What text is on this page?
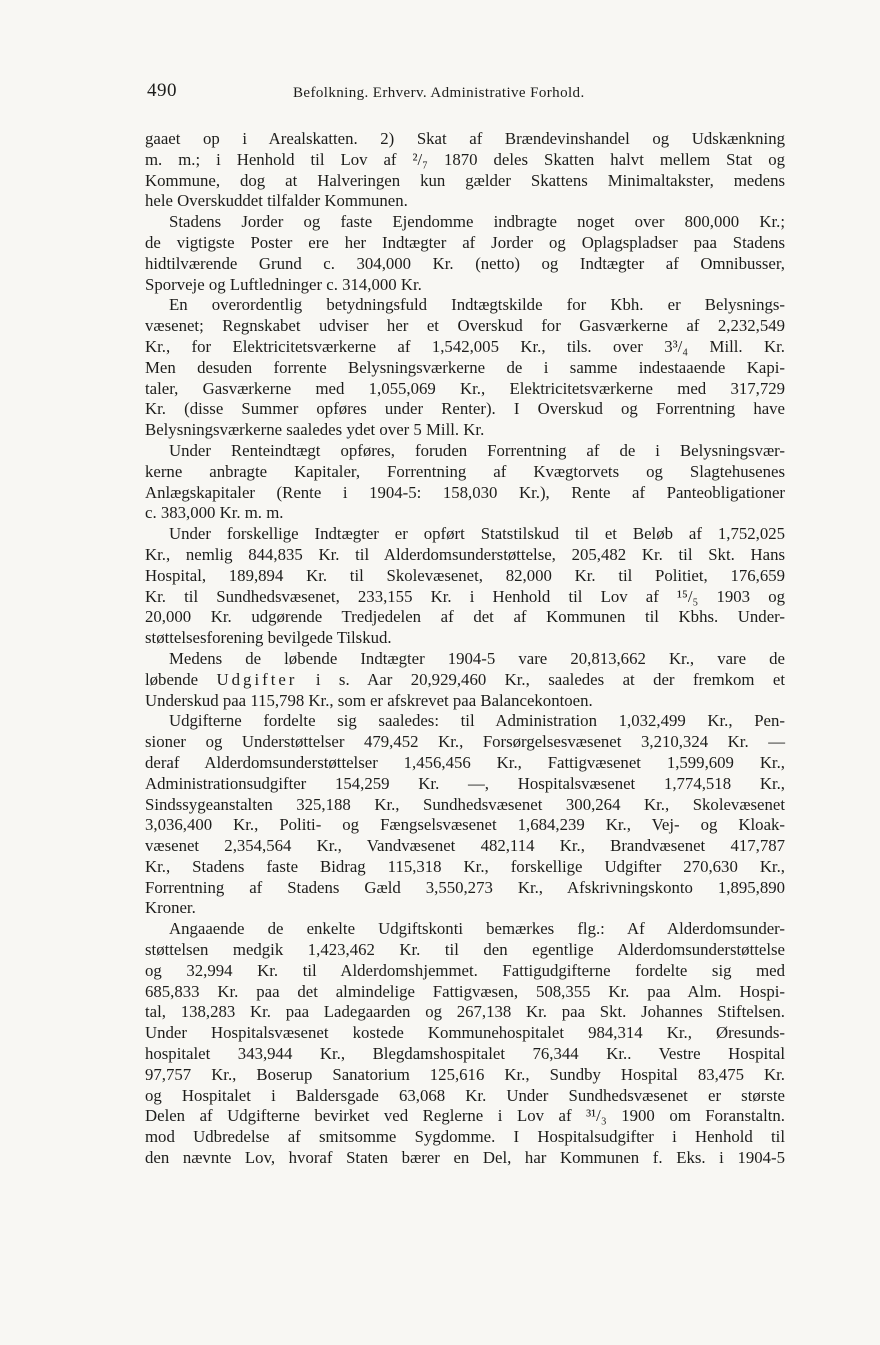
490	Befolkning. Erhverv. Administrative Forhold.
gaaet op i Arealskatten. 2) Skat af Brændevinshandel og Udskænkning
m. m.; i Henhold til Lov af ²/₇ 1870 deles Skatten halvt mellem Stat og
Kommune, dog at Halveringen kun gælder Skattens Minimaltakster, medens
hele Overskuddet tilfalder Kommunen.
Stadens Jorder og faste Ejendomme indbragte noget over 800,000 Kr.;
de vigtigste Poster ere her Indtægter af Jorder og Oplagspladser paa Stadens
hidtilværende Grund c. 304,000 Kr. (netto) og Indtægter af Omnibusser,
Sporveje og Luftledninger c. 314,000 Kr.
En overordentlig betydningsfuld Indtægtskilde for Kbh. er Belysnings-
væsenet; Regnskabet udviser her et Overskud for Gasværkerne af 2,232,549
Kr., for Elektricitetsværkerne af 1,542,005 Kr., tils. over 3³/₄ Mill. Kr.
Men desuden forrente Belysningsværkerne de i samme indestaaende Kapi-
taler, Gasværkerne med 1,055,069 Kr., Elektricitetsværkerne med 317,729
Kr. (disse Summer opføres under Renter). I Overskud og Forrentning have
Belysningsværkerne saaledes ydet over 5 Mill. Kr.
Under Renteindtægt opføres, foruden Forrentning af de i Belysningsvær-
kerne anbragte Kapitaler, Forrentning af Kvægtorvets og Slagtehusenes
Anlægskapitaler (Rente i 1904-5: 158,030 Kr.), Rente af Panteobligationer
c. 383,000 Kr. m. m.
Under forskellige Indtægter er opført Statstilskud til et Beløb af 1,752,025
Kr., nemlig 844,835 Kr. til Alderdomsunderstøttelse, 205,482 Kr. til Skt. Hans
Hospital, 189,894 Kr. til Skolevæsenet, 82,000 Kr. til Politiet, 176,659
Kr. til Sundhedsvæsenet, 233,155 Kr. i Henhold til Lov af ¹⁵/₅ 1903 og
20,000 Kr. udgørende Tredjedelen af det af Kommunen til Kbhs. Under-
støttelsesforening bevilgede Tilskud.
Medens de løbende Indtægter 1904-5 vare 20,813,662 Kr., vare de
løbende Udgifter i s. Aar 20,929,460 Kr., saaledes at der fremkom et
Underskud paa 115,798 Kr., som er afskrevet paa Balancekontoen.
Udgifterne fordelte sig saaledes: til Administration 1,032,499 Kr., Pen-
sioner og Understøttelser 479,452 Kr., Forsørgelsesvæsenet 3,210,324 Kr. —
deraf Alderdomsunderstøttelser 1,456,456 Kr., Fattigvæsenet 1,599,609 Kr.,
Administrationsudgifter 154,259 Kr. —, Hospitalsvæsenet 1,774,518 Kr.,
Sindssygeanstalten 325,188 Kr., Sundhedsvæsenet 300,264 Kr., Skolevæsenet
3,036,400 Kr., Politi- og Fængselsvæsenet 1,684,239 Kr., Vej- og Kloak-
væsenet 2,354,564 Kr., Vandvæsenet 482,114 Kr., Brandvæsenet 417,787
Kr., Stadens faste Bidrag 115,318 Kr., forskellige Udgifter 270,630 Kr.,
Forrentning af Stadens Gæld 3,550,273 Kr., Afskrivningskonto 1,895,890
Kroner.
Angaaende de enkelte Udgiftskonti bemærkes flg.: Af Alderdomsunder-
støttelsen medgik 1,423,462 Kr. til den egentlige Alderdomsunderstøttelse
og 32,994 Kr. til Alderdomshjemmet. Fattigudgifterne fordelte sig med
685,833 Kr. paa det almindelige Fattigvæsen, 508,355 Kr. paa Alm. Hospi-
tal, 138,283 Kr. paa Ladegaarden og 267,138 Kr. paa Skt. Johannes Stiftelsen.
Under Hospitalsvæsenet kostede Kommunehospitalet 984,314 Kr., Øresunds-
hospitalet 343,944 Kr., Blegdamshospitalet 76,344 Kr.. Vestre Hospital
97,757 Kr., Boserup Sanatorium 125,616 Kr., Sundby Hospital 83,475 Kr.
og Hospitalet i Baldersgade 63,068 Kr. Under Sundhedsvæsenet er største
Delen af Udgifterne bevirket ved Reglerne i Lov af ³¹/₃ 1900 om Foranstaltn.
mod Udbredelse af smitsomme Sygdomme. I Hospitalsudgifter i Henhold til
den nævnte Lov, hvoraf Staten bærer en Del, har Kommunen f. Eks. i 1904-5
